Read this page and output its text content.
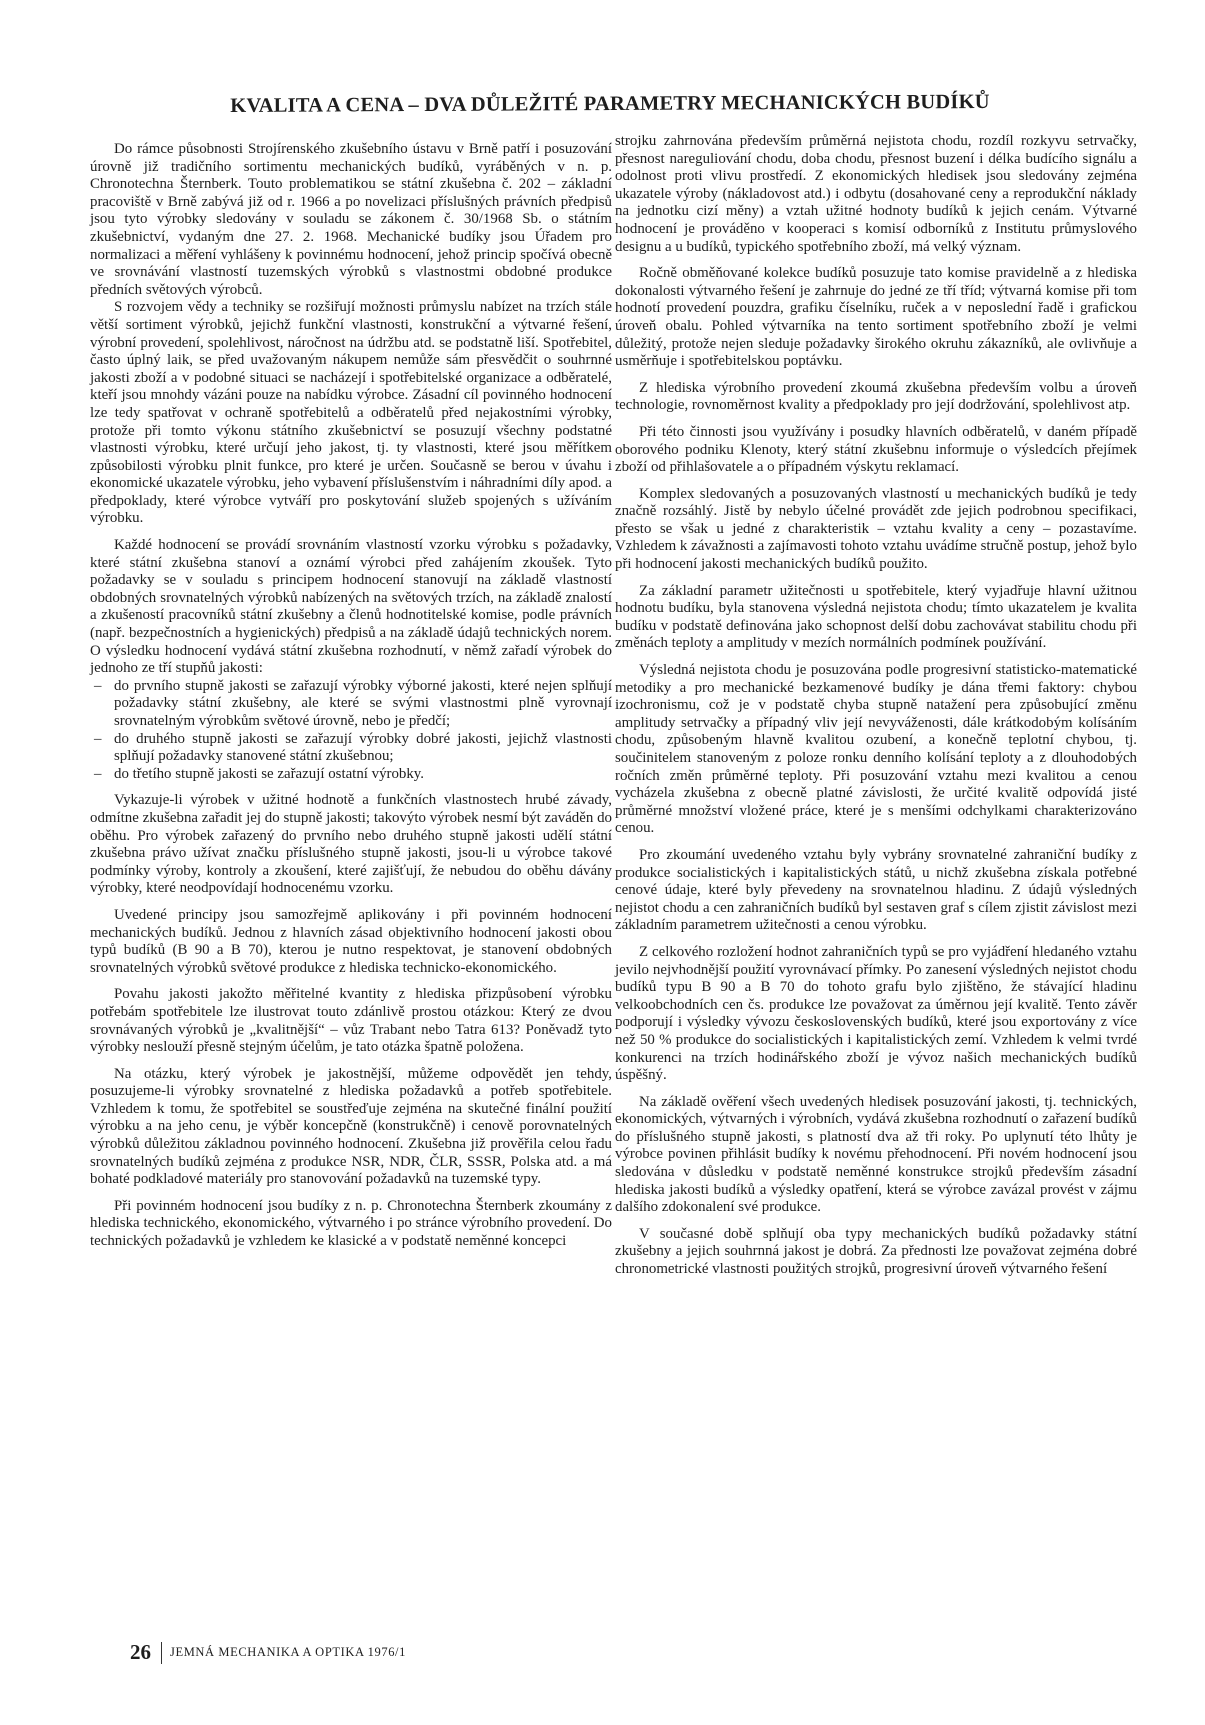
KVALITA A CENA – DVA DŮLEŽITÉ PARAMETRY MECHANICKÝCH BUDÍKŮ

Do rámce působnosti Strojírenského zkušebního ústavu v Brně patří i posuzování úrovně již tradičního sortimentu mechanických budíků, vyráběných v n. p. Chronotechna Šternberk. Touto problematikou se státní zkušebna č. 202 – základní pracoviště v Brně zabývá již od r. 1966 a po novelizaci příslušných právních předpisů jsou tyto výrobky sledovány v souladu se zákonem č. 30/1968 Sb. o státním zkušebnictví, vydaným dne 27. 2. 1968. Mechanické budíky jsou Úřadem pro normalizaci a měření vyhlášeny k povinnému hodnocení, jehož princip spočívá obecně ve srovnávání vlastností tuzemských výrobků s vlastnostmi obdobné produkce předních světových výrobců.

S rozvojem vědy a techniky se rozšiřují možnosti průmyslu nabízet na trzích stále větší sortiment výrobků, jejichž funkční vlastnosti, konstrukční a výtvarné řešení, výrobní provedení, spolehlivost, náročnost na údržbu atd. se podstatně liší. Spotřebitel, často úplný laik, se před uvažovaným nákupem nemůže sám přesvědčit o souhrnné jakosti zboží a v podobné situaci se nacházejí i spotřebitelské organizace a odběratelé, kteří jsou mnohdy vázáni pouze na nabídku výrobce. Zásadní cíl povinného hodnocení lze tedy spatřovat v ochraně spotřebitelů a odběratelů před nejakostními výrobky, protože při tomto výkonu státního zkušebnictví se posuzují všechny podstatné vlastnosti výrobku, které určují jeho jakost, tj. ty vlastnosti, které jsou měřítkem způsobilosti výrobku plnit funkce, pro které je určen. Současně se berou v úvahu i ekonomické ukazatele výrobku, jeho vybavení příslušenstvím i náhradními díly apod. a předpoklady, které výrobce vytváří pro poskytování služeb spojených s užíváním výrobku.

Každé hodnocení se provádí srovnáním vlastností vzorku výrobku s požadavky, které státní zkušebna stanoví a oznámí výrobci před zahájením zkoušek. Tyto požadavky se v souladu s principem hodnocení stanovují na základě vlastností obdobných srovnatelných výrobků nabízených na světových trzích, na základě znalostí a zkušeností pracovníků státní zkušebny a členů hodnotitelské komise, podle právních (např. bezpečnostních a hygienických) předpisů a na základě údajů technických norem. O výsledku hodnocení vydává státní zkušebna rozhodnutí, v němž zařadí výrobek do jednoho ze tří stupňů jakosti:

– do prvního stupně jakosti se zařazují výrobky výborné jakosti, které nejen splňují požadavky státní zkušebny, ale které se svými vlastnostmi plně vyrovnají srovnatelným výrobkům světové úrovně, nebo je předčí;
– do druhého stupně jakosti se zařazují výrobky dobré jakosti, jejichž vlastnosti splňují požadavky stanovené státní zkušebnou;
– do třetího stupně jakosti se zařazují ostatní výrobky.

Vykazuje-li výrobek v užitné hodnotě a funkčních vlastnostech hrubé závady, odmítne zkušebna zařadit jej do stupně jakosti; takovýto výrobek nesmí být zaváděn do oběhu. Pro výrobek zařazený do prvního nebo druhého stupně jakosti udělí státní zkušebna právo užívat značku příslušného stupně jakosti, jsou-li u výrobce takové podmínky výroby, kontroly a zkoušení, které zajišťují, že nebudou do oběhu dávány výrobky, které neodpovídají hodnocenému vzorku.

Uvedené principy jsou samozřejmě aplikovány i při povinném hodnocení mechanických budíků. Jednou z hlavních zásad objektivního hodnocení jakosti obou typů budíků (B 90 a B 70), kterou je nutno respektovat, je stanovení obdobných srovnatelných výrobků světové produkce z hlediska technicko-ekonomického.

Povahu jakosti jakožto měřitelné kvantity z hlediska přizpůsobení výrobku potřebám spotřebitele lze ilustrovat touto zdánlivě prostou otázkou: Který ze dvou srovnávaných výrobků je „kvalitnější“ – vůz Trabant nebo Tatra 613? Poněvadž tyto výrobky neslouží přesně stejným účelům, je tato otázka špatně položena.

Na otázku, který výrobek je jakostnější, můžeme odpovědět jen tehdy, posuzujeme-li výrobky srovnatelné z hlediska požadavků a potřeb spotřebitele. Vzhledem k tomu, že spotřebitel se soustřeďuje zejména na skutečné finální použití výrobku a na jeho cenu, je výběr koncepčně (konstrukčně) i cenově porovnatelných výrobků důležitou základnou povinného hodnocení. Zkušebna již prověřila celou řadu srovnatelných budíků zejména z produkce NSR, NDR, ČLR, SSSR, Polska atd. a má bohaté podkladové materiály pro stanovování požadavků na tuzemské typy.

Při povinném hodnocení jsou budíky z n. p. Chronotechna Šternberk zkoumány z hlediska technického, ekonomického, výtvarného i po stránce výrobního provedení. Do technických požadavků je vzhledem ke klasické a v podstatě neměnné koncepci

strojku zahrnována především průměrná nejistota chodu, rozdíl rozkyvu setrvačky, přesnost nareguliování chodu, doba chodu, přesnost buzení i délka budícího signálu a odolnost proti vlivu prostředí. Z ekonomických hledisek jsou sledovány zejména ukazatele výroby (nákladovost atd.) i odbytu (dosahované ceny a reprodukční náklady na jednotku cizí měny) a vztah užitné hodnoty budíků k jejich cenám. Výtvarné hodnocení je prováděno v kooperaci s komisí odborníků z Institutu průmyslového designu a u budíků, typického spotřebního zboží, má velký význam.

Ročně obměňované kolekce budíků posuzuje tato komise pravidelně a z hlediska dokonalosti výtvarného řešení je zahrnuje do jedné ze tří tříd; výtvarná komise při tom hodnotí provedení pouzdra, grafiku číselníku, ruček a v neposlední řadě i grafickou úroveň obalu. Pohled výtvarníka na tento sortiment spotřebního zboží je velmi důležitý, protože nejen sleduje požadavky širokého okruhu zákazníků, ale ovlivňuje a usměrňuje i spotřebitelskou poptávku.

Z hlediska výrobního provedení zkoumá zkušebna především volbu a úroveň technologie, rovnoměrnost kvality a předpoklady pro její dodržování, spolehlivost atp.

Při této činnosti jsou využívány i posudky hlavních odběratelů, v daném případě oborového podniku Klenoty, který státní zkušebnu informuje o výsledcích přejímek zboží od přihlašovatele a o případném výskytu reklamací.

Komplex sledovaných a posuzovaných vlastností u mechanických budíků je tedy značně rozsáhlý. Jistě by nebylo účelné provádět zde jejich podrobnou specifikaci, přesto se však u jedné z charakteristik – vztahu kvality a ceny – pozastavíme. Vzhledem k závažnosti a zajímavosti tohoto vztahu uvádíme stručně postup, jehož bylo při hodnocení jakosti mechanických budíků použito.

Za základní parametr užitečnosti u spotřebitele, který vyjadřuje hlavní užitnou hodnotu budíku, byla stanovena výsledná nejistota chodu; tímto ukazatelem je kvalita budíku v podstatě definována jako schopnost delší dobu zachovávat stabilitu chodu při změnách teploty a amplitudy v mezích normálních podmínek používání.

Výsledná nejistota chodu je posuzována podle progresivní statisticko-matematické metodiky a pro mechanické bezkamenové budíky je dána třemi faktory: chybou izochronismu, což je v podstatě chyba stupně natažení pera způsobující změnu amplitudy setrvačky a případný vliv její nevyváženosti, dále krátkodobým kolísáním chodu, způsobeným hlavně kvalitou ozubení, a konečně teplotní chybou, tj. součinitelem stanoveným z poloze ronku denního kolísání teploty a z dlouhodobých ročních změn průměrné teploty. Při posuzování vztahu mezi kvalitou a cenou vycházela zkušebna z obecně platné závislosti, že určité kvalitě odpovídá jisté průměrné množství vložené práce, které je s menšími odchylkami charakterizováno cenou.

Pro zkoumání uvedeného vztahu byly vybrány srovnatelné zahraniční budíky z produkce socialistických i kapitalistických států, u nichž zkušebna získala potřebné cenové údaje, které byly převedeny na srovnatelnou hladinu. Z údajů výsledných nejistot chodu a cen zahraničních budíků byl sestaven graf s cílem zjistit závislost mezi základním parametrem užitečnosti a cenou výrobku.

Z celkového rozložení hodnot zahraničních typů se pro vyjádření hledaného vztahu jevilo nejvhodnější použití vyrovnávací přímky. Po zanesení výsledných nejistot chodu budíků typu B 90 a B 70 do tohoto grafu bylo zjištěno, že stávající hladinu velkoobchodních cen čs. produkce lze považovat za úměrnou její kvalitě. Tento závěr podporují i výsledky vývozu československých budíků, které jsou exportovány z více než 50 % produkce do socialistických i kapitalistických zemí. Vzhledem k velmi tvrdé konkurenci na trzích hodinářského zboží je vývoz našich mechanických budíků úspěšný.

Na základě ověření všech uvedených hledisek posuzování jakosti, tj. technických, ekonomických, výtvarných i výrobních, vydává zkušebna rozhodnutí o zařazení budíků do příslušného stupně jakosti, s platností dva až tři roky. Po uplynutí této lhůty je výrobce povinen přihlásit budíky k novému přehodnocení. Při novém hodnocení jsou sledována v důsledku v podstatě neměnné konstrukce strojků především zásadní hlediska jakosti budíků a výsledky opatření, která se výrobce zavázal provést v zájmu dalšího zdokonalení své produkce.

V současné době splňují oba typy mechanických budíků požadavky státní zkušebny a jejich souhrnná jakost je dobrá. Za přednosti lze považovat zejména dobré chronometrické vlastnosti použitých strojků, progresivní úroveň výtvarného řešení

26 JEMNÁ MECHANIKA A OPTIKA 1976/1
